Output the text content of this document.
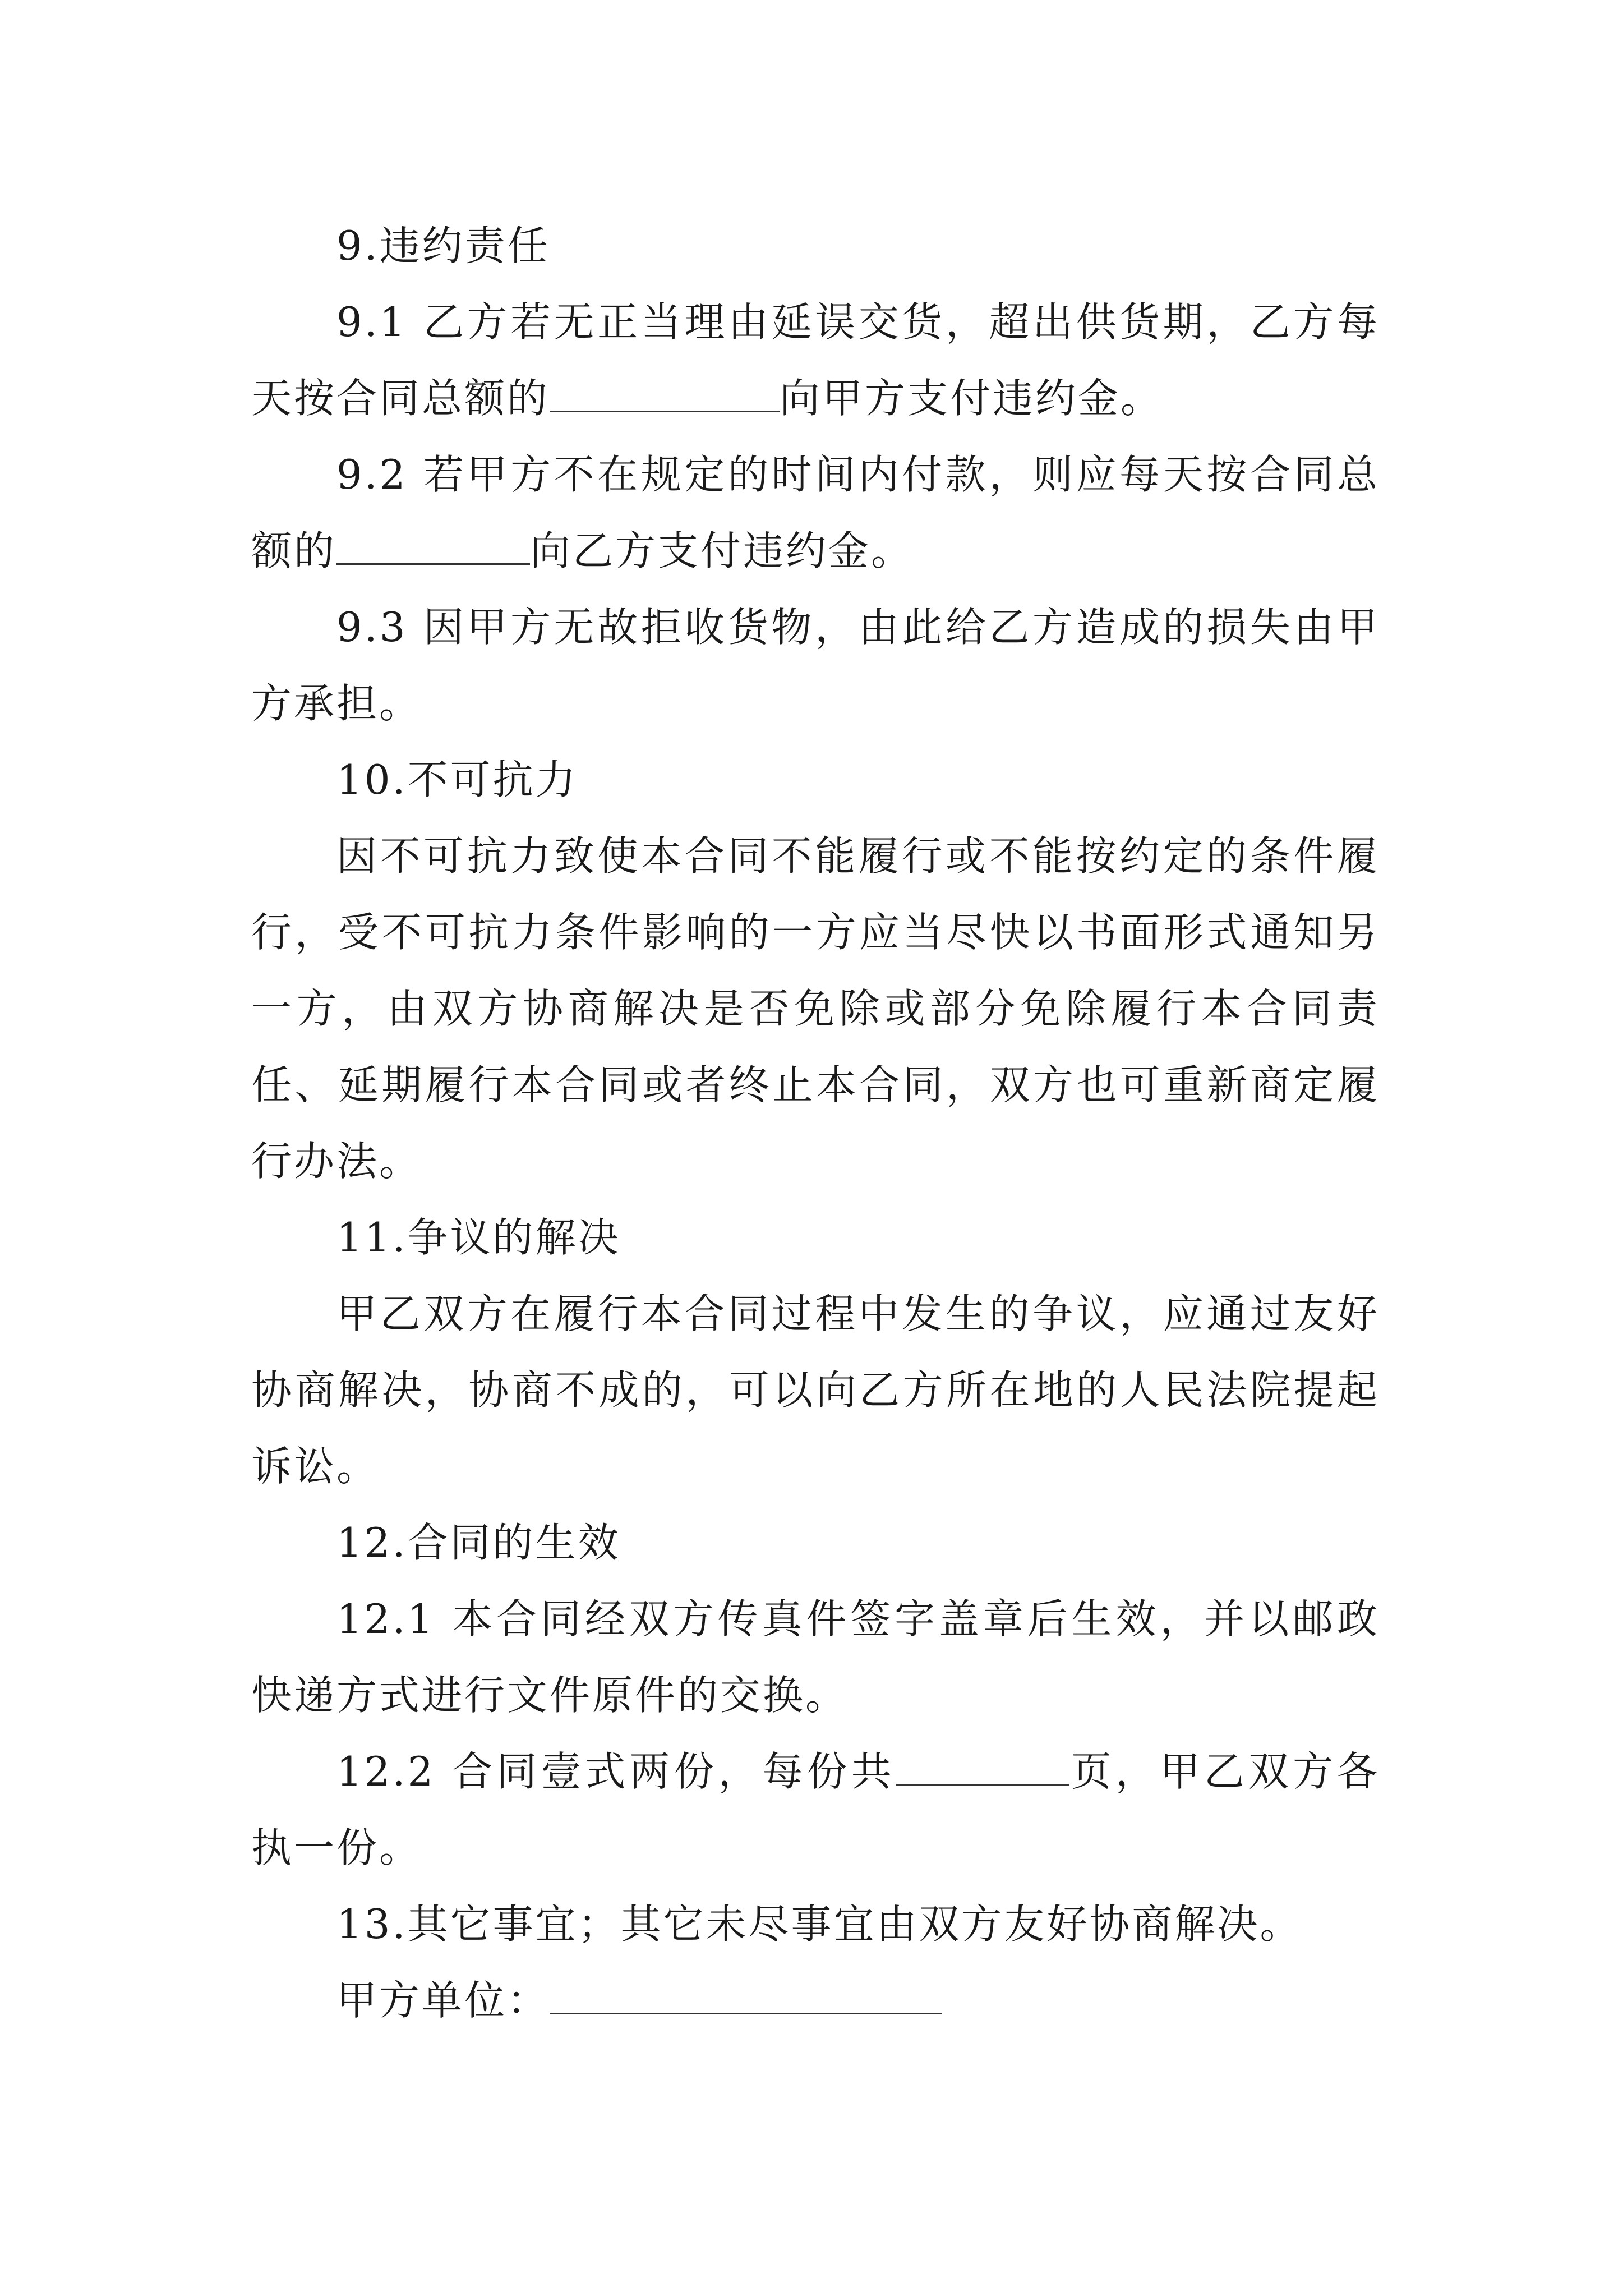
9.违约责任

9.1 乙方若无正当理由延误交货，超出供货期，乙方每天按合同总额的	向甲方支付违约金。

9.2 若甲方不在规定的时间内付款，则应每天按合同总额的	向乙方支付违约金。

9.3 因甲方无故拒收货物，由此给乙方造成的损失由甲方承担。

10.不可抗力

因不可抗力致使本合同不能履行或不能按约定的条件履行，受不可抗力条件影响的一方应当尽快以书面形式通知另一方，由双方协商解决是否免除或部分免除履行本合同责任、延期履行本合同或者终止本合同，双方也可重新商定履行办法。

11.争议的解决

甲乙双方在履行本合同过程中发生的争议，应通过友好协商解决，协商不成的，可以向乙方所在地的人民法院提起诉讼。

12.合同的生效

12.1 本合同经双方传真件签字盖章后生效，并以邮政快递方式进行文件原件的交换。

12.2 合同壹式两份，每份共	页，甲乙双方各执一份。

13.其它事宜；其它未尽事宜由双方友好协商解决。

甲方单位：
